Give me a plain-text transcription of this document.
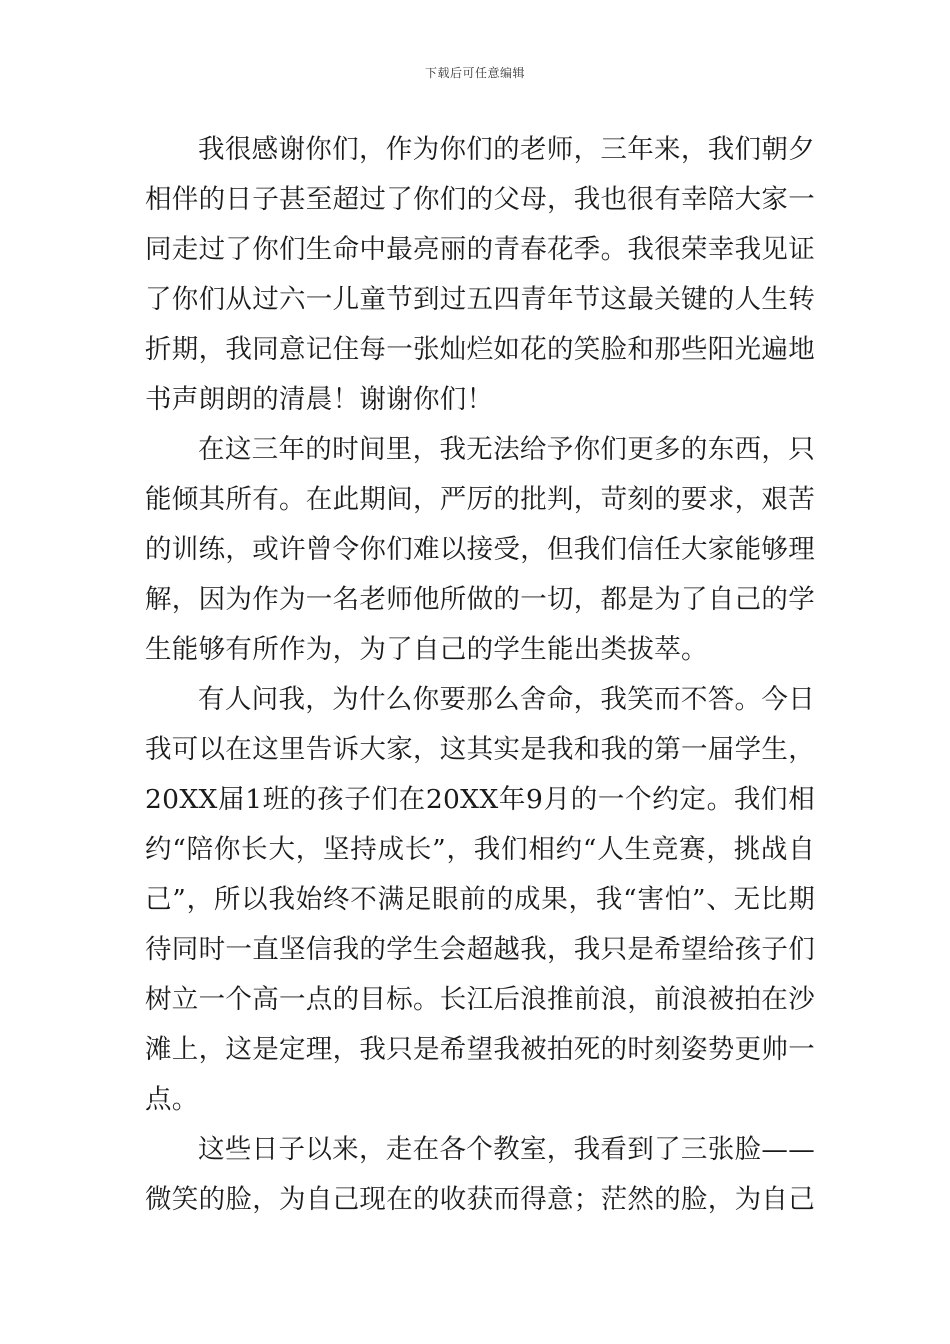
下载后可任意编辑

我很感谢你们，作为你们的老师，三年来，我们朝夕相伴的日子甚至超过了你们的父母，我也很有幸陪大家一同走过了你们生命中最亮丽的青春花季。我很荣幸我见证了你们从过六一儿童节到过五四青年节这最关键的人生转折期，我同意记住每一张灿烂如花的笑脸和那些阳光遍地书声朗朗的清晨！谢谢你们！

在这三年的时间里，我无法给予你们更多的东西，只能倾其所有。在此期间，严厉的批判，苛刻的要求，艰苦的训练，或许曾令你们难以接受，但我们信任大家能够理解，因为作为一名老师他所做的一切，都是为了自己的学生能够有所作为，为了自己的学生能出类拔萃。

有人问我，为什么你要那么舍命，我笑而不答。今日我可以在这里告诉大家，这其实是我和我的第一届学生，20XX届1班的孩子们在20XX年9月的一个约定。我们相约“陪你长大，坚持成长”，我们相约“人生竞赛，挑战自己”，所以我始终不满足眼前的成果，我“害怕”、无比期待同时一直坚信我的学生会超越我，我只是希望给孩子们树立一个高一点的目标。长江后浪推前浪，前浪被拍在沙滩上，这是定理，我只是希望我被拍死的时刻姿势更帅一点。

这些日子以来，走在各个教室，我看到了三张脸——微笑的脸，为自己现在的收获而得意；茫然的脸，为自己
